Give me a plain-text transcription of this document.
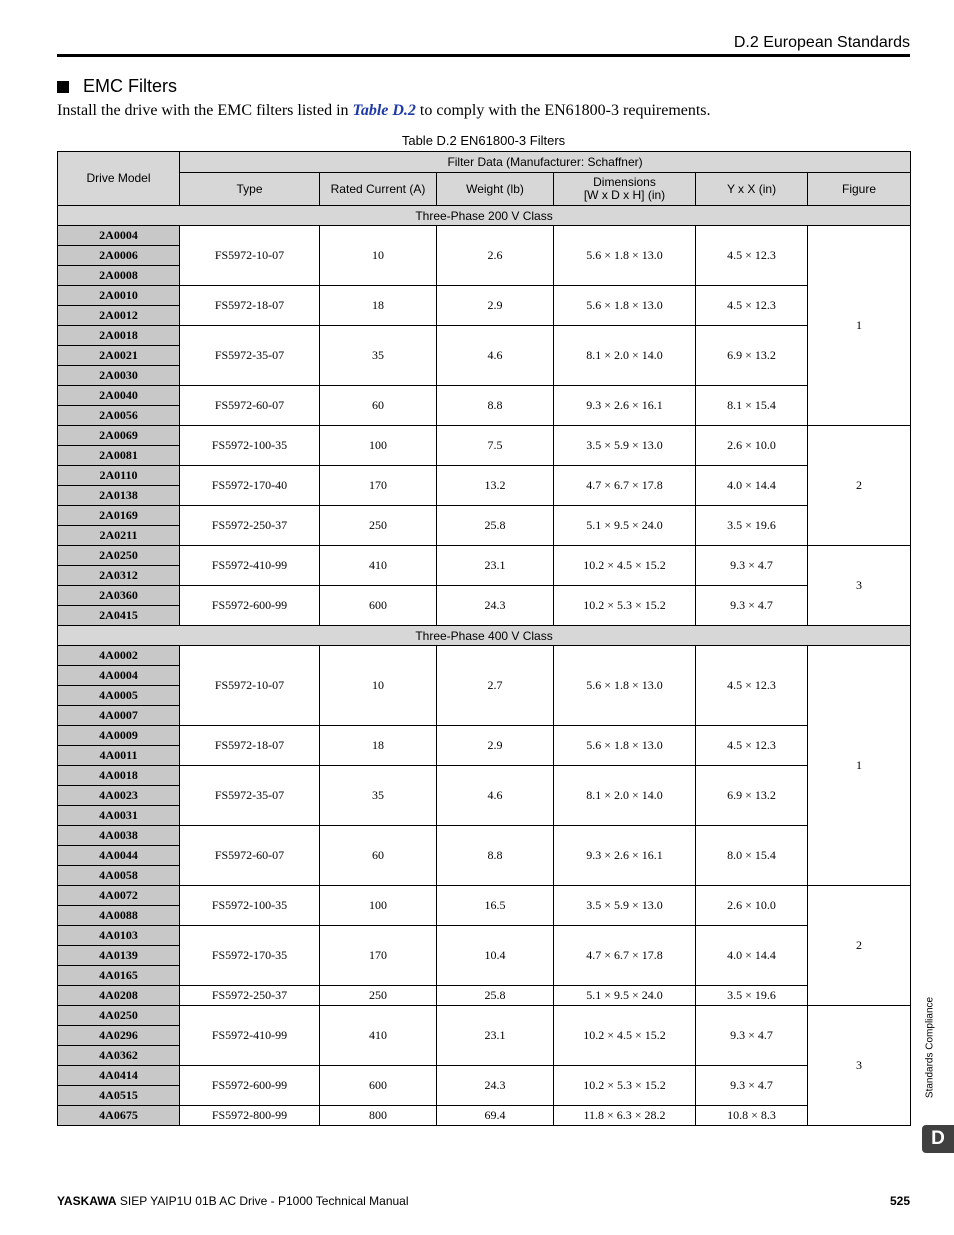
D.2 European Standards
EMC Filters
Install the drive with the EMC filters listed in Table D.2 to comply with the EN61800-3 requirements.
Table D.2 EN61800-3 Filters
Drive Model	Filter Data (Manufacturer: Schaffner)					
	Type	Rated Current (A)	Weight (lb)	Dimensions
[W x D x H] (in)	Y x X (in)	Figure
Three-Phase 200 V Class						
2A0004	FS5972-10-07	10	2.6	5.6 × 1.8 × 13.0	4.5 × 12.3	1
2A0006						
2A0008						
2A0010	FS5972-18-07	18	2.9	5.6 × 1.8 × 13.0	4.5 × 12.3	
2A0012						
2A0018	FS5972-35-07	35	4.6	8.1 × 2.0 × 14.0	6.9 × 13.2	
2A0021						
2A0030						
2A0040	FS5972-60-07	60	8.8	9.3 × 2.6 × 16.1	8.1 × 15.4	
2A0056						
2A0069	FS5972-100-35	100	7.5	3.5 × 5.9 × 13.0	2.6 × 10.0	2
2A0081						
2A0110	FS5972-170-40	170	13.2	4.7 × 6.7 × 17.8	4.0 × 14.4	
2A0138						
2A0169	FS5972-250-37	250	25.8	5.1 × 9.5 × 24.0	3.5 × 19.6	
2A0211						
2A0250	FS5972-410-99	410	23.1	10.2 × 4.5 × 15.2	9.3 × 4.7	3
2A0312						
2A0360	FS5972-600-99	600	24.3	10.2 × 5.3 × 15.2	9.3 × 4.7	
2A0415						
Three-Phase 400 V Class						
4A0002	FS5972-10-07	10	2.7	5.6 × 1.8 × 13.0	4.5 × 12.3	1
4A0004						
4A0005						
4A0007						
4A0009	FS5972-18-07	18	2.9	5.6 × 1.8 × 13.0	4.5 × 12.3	
4A0011						
4A0018	FS5972-35-07	35	4.6	8.1 × 2.0 × 14.0	6.9 × 13.2	
4A0023						
4A0031						
4A0038	FS5972-60-07	60	8.8	9.3 × 2.6 × 16.1	8.0 × 15.4	
4A0044						
4A0058						
4A0072	FS5972-100-35	100	16.5	3.5 × 5.9 × 13.0	2.6 × 10.0	2
4A0088						
4A0103	FS5972-170-35	170	10.4	4.7 × 6.7 × 17.8	4.0 × 14.4	
4A0139						
4A0165						
4A0208	FS5972-250-37	250	25.8	5.1 × 9.5 × 24.0	3.5 × 19.6	
4A0250	FS5972-410-99	410	23.1	10.2 × 4.5 × 15.2	9.3 × 4.7	3
4A0296						
4A0362						
4A0414	FS5972-600-99	600	24.3	10.2 × 5.3 × 15.2	9.3 × 4.7	
4A0515						
4A0675	FS5972-800-99	800	69.4	11.8 × 6.3 × 28.2	10.8 × 8.3	
Standards Compliance
D
YASKAWA SIEP YAIP1U 01B AC Drive - P1000 Technical Manual	525
